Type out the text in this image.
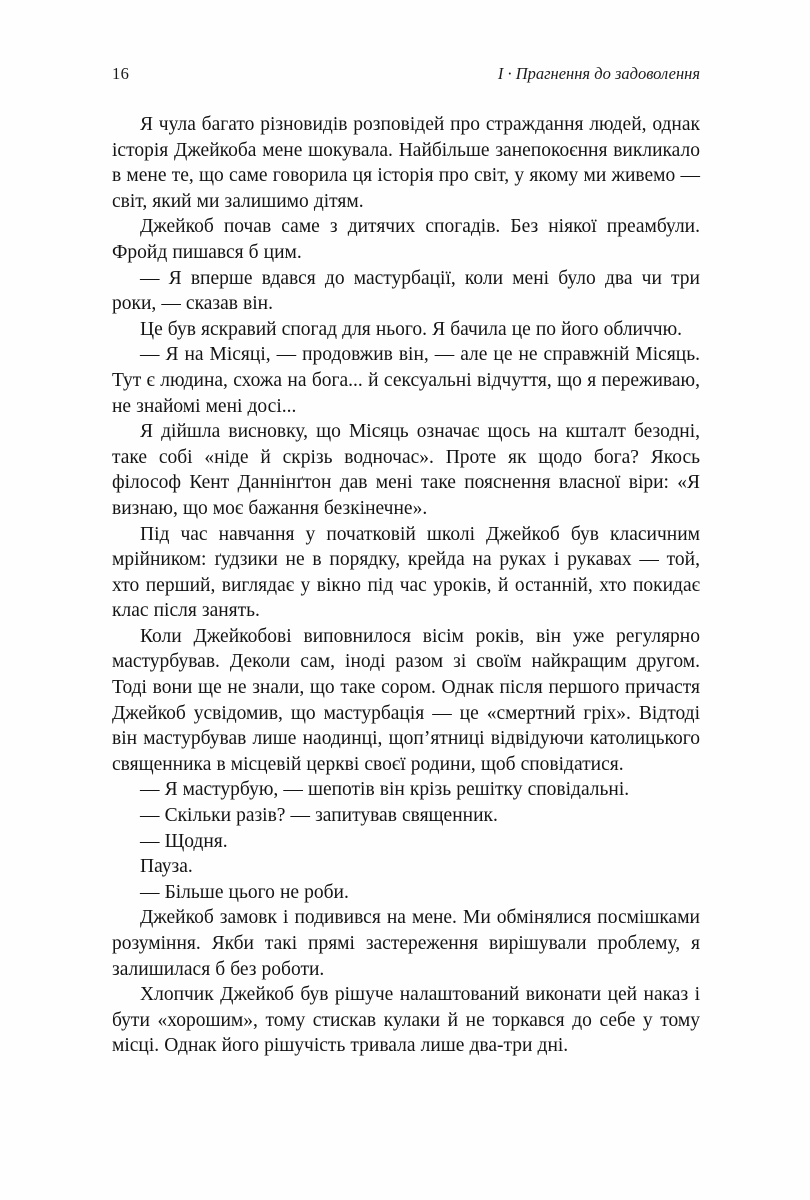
16	І · Прагнення до задоволення

Я чула багато різновидів розповідей про страждання людей, однак історія Джейкоба мене шокувала. Найбільше занепокоєння викликало в мене те, що саме говорила ця історія про світ, у якому ми живемо — світ, який ми залишимо дітям.

Джейкоб почав саме з дитячих спогадів. Без ніякої преамбули. Фройд пишався б цим.

— Я вперше вдався до мастурбації, коли мені було два чи три роки, — сказав він.

Це був яскравий спогад для нього. Я бачила це по його обличчю.

— Я на Місяці, — продовжив він, — але це не справжній Місяць. Тут є людина, схожа на бога... й сексуальні відчуття, що я переживаю, не знайомі мені досі...

Я дійшла висновку, що Місяць означає щось на кшталт безодні, таке собі «ніде й скрізь водночас». Проте як щодо бога? Якось філософ Кент Даннінґтон дав мені таке пояснення власної віри: «Я визнаю, що моє бажання безкінечне».

Під час навчання у початковій школі Джейкоб був класичним мрійником: ґудзики не в порядку, крейда на руках і рукавах — той, хто перший, виглядає у вікно під час уроків, й останній, хто покидає клас після занять.

Коли Джейкобові виповнилося вісім років, він уже регулярно мастурбував. Деколи сам, іноді разом зі своїм найкращим другом. Тоді вони ще не знали, що таке сором. Однак після першого причастя Джейкоб усвідомив, що мастурбація — це «смертний гріх». Відтоді він мастурбував лише наодинці, щоп’ятниці відвідуючи католицького священника в місцевій церкві своєї родини, щоб сповідатися.

— Я мастурбую, — шепотів він крізь решітку сповідальні.

— Скільки разів? — запитував священник.

— Щодня.

Пауза.

— Більше цього не роби.

Джейкоб замовк і подивився на мене. Ми обмінялися посмішками розуміння. Якби такі прямі застереження вирішували проблему, я залишилася б без роботи.

Хлопчик Джейкоб був рішуче налаштований виконати цей наказ і бути «хорошим», тому стискав кулаки й не торкався до себе у тому місці. Однак його рішучість тривала лише два-три дні.
